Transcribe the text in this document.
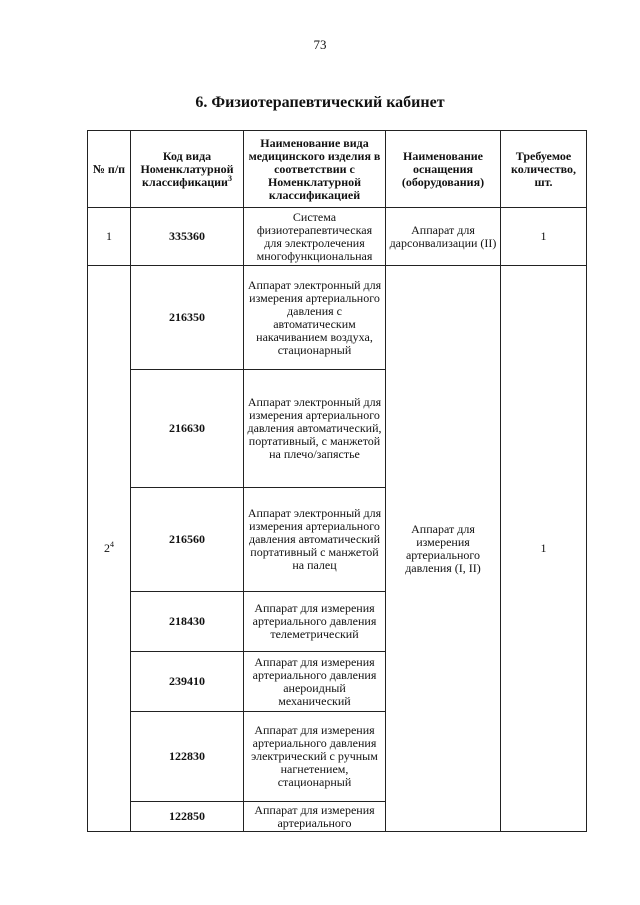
73
6. Физиотерапевтический кабинет
№ п/п	Код вида Номенклатурной классификации$^3$	Наименование вида медицинского изделия в соответствии с Номенклатурной классификацией	Наименование оснащения (оборудования)	Требуемое количество, шт.
1	335360	Система физиотерапевтическая для электролечения многофункциональная	Аппарат для дарсонвализации (II)	1
$2^4$	216350	Аппарат электронный для измерения артериального давления с автоматическим накачиванием воздуха, стационарный	Аппарат для измерения артериального давления (I, II)	1
	216630	Аппарат электронный для измерения артериального давления автоматический, портативный, с манжетой на плечо/запястье		
	216560	Аппарат электронный для измерения артериального давления автоматический портативный с манжетой на палец		
	218430	Аппарат для измерения артериального давления телеметрический		
	239410	Аппарат для измерения артериального давления анероидный механический		
	122830	Аппарат для измерения артериального давления электрический с ручным нагнетением, стационарный		
	122850	Аппарат для измерения артериального		
